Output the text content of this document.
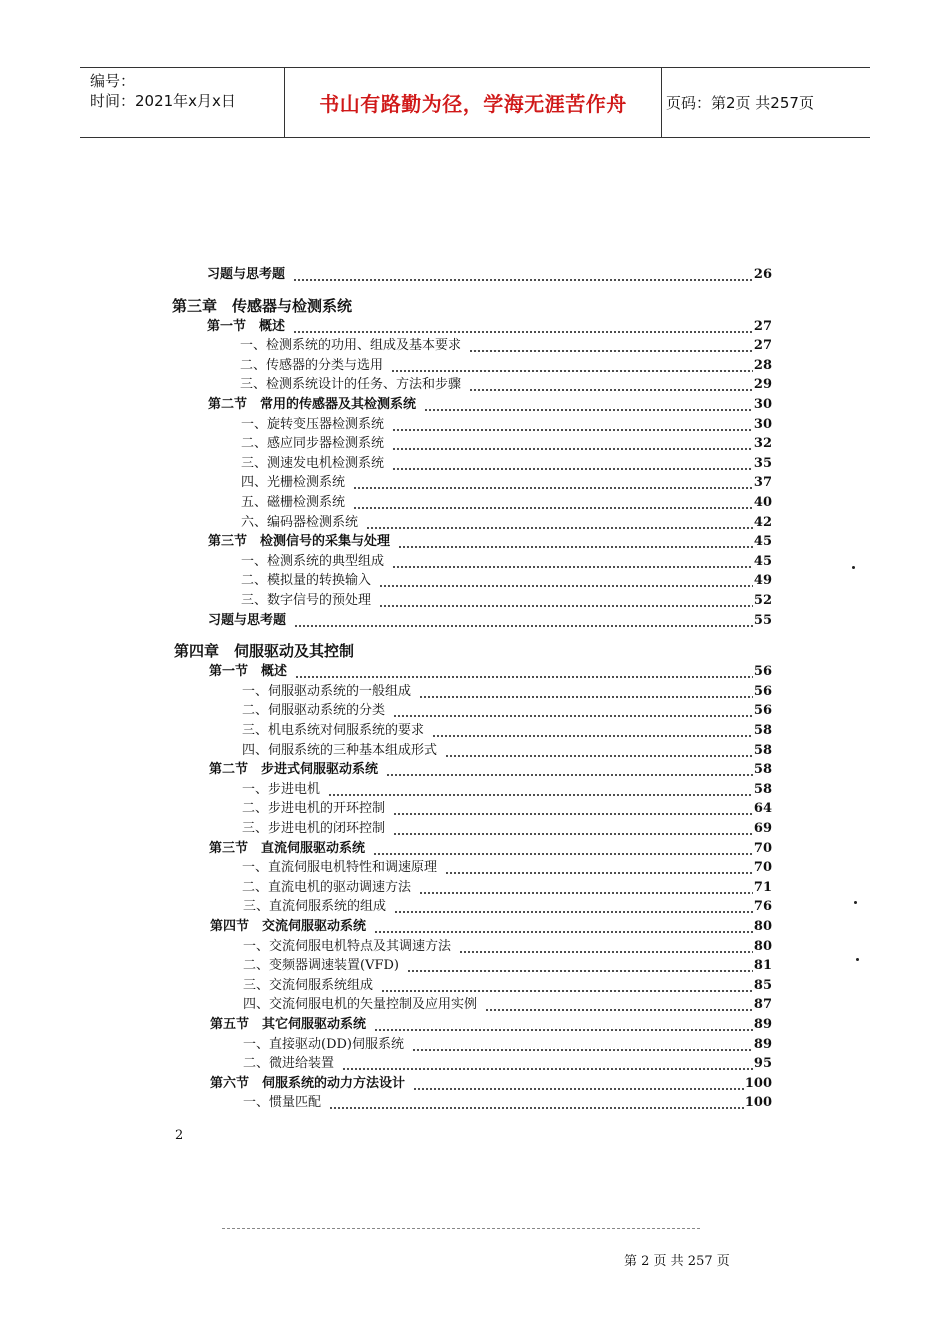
编号：
时间：2021年x月x日	书山有路勤为径，学海无涯苦作舟	页码：第2页 共257页
习题与思考题	26
第三章　传感器与检测系统
第一节　概述	27
一、检测系统的功用、组成及基本要求	27
二、传感器的分类与选用	28
三、检测系统设计的任务、方法和步骤	29
第二节　常用的传感器及其检测系统	30
一、旋转变压器检测系统	30
二、感应同步器检测系统	32
三、测速发电机检测系统	35
四、光栅检测系统	37
五、磁栅检测系统	40
六、编码器检测系统	42
第三节　检测信号的采集与处理	45
一、检测系统的典型组成	45
二、模拟量的转换输入	49
三、数字信号的预处理	52
习题与思考题	55
第四章　伺服驱动及其控制
第一节　概述	56
一、伺服驱动系统的一般组成	56
二、伺服驱动系统的分类	56
三、机电系统对伺服系统的要求	58
四、伺服系统的三种基本组成形式	58
第二节　步进式伺服驱动系统	58
一、步进电机	58
二、步进电机的开环控制	64
三、步进电机的闭环控制	69
第三节　直流伺服驱动系统	70
一、直流伺服电机特性和调速原理	70
二、直流电机的驱动调速方法	71
三、直流伺服系统的组成	76
第四节　交流伺服驱动系统	80
一、交流伺服电机特点及其调速方法	80
二、变频器调速装置(VFD)	81
三、交流伺服系统组成	85
四、交流伺服电机的矢量控制及应用实例	87
第五节　其它伺服驱动系统	89
一、直接驱动(DD)伺服系统	89
二、微进给装置	95
第六节　伺服系统的动力方法设计	100
一、惯量匹配	100
2
第 2 页 共 257 页
